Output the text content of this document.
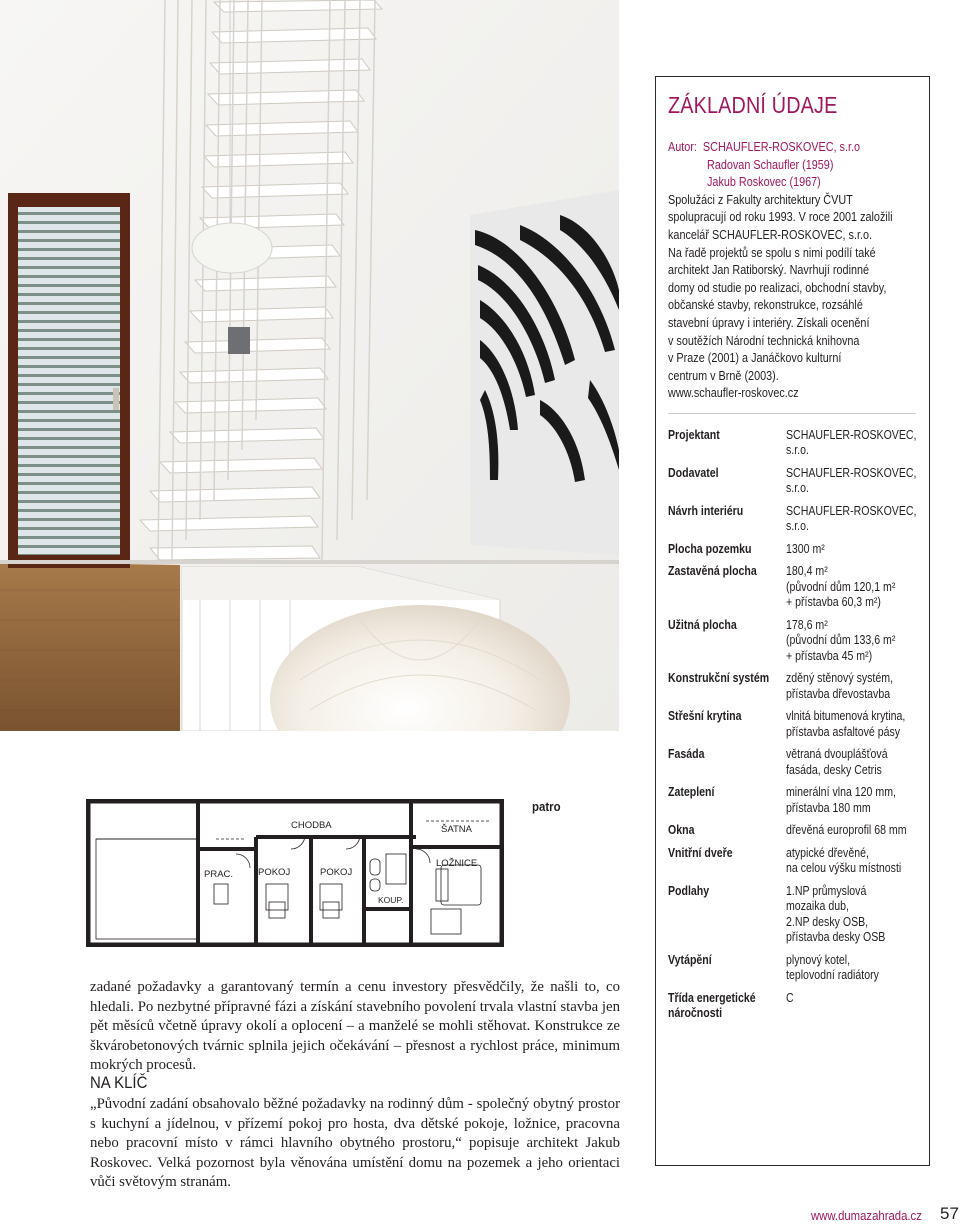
ZÁKLADNÍ ÚDAJE
Autor: SCHAUFLER-ROSKOVEC, s.r.o
Radovan Schaufler (1959)
Jakub Roskovec (1967)
Spolužáci z Fakulty architektury ČVUT
spolupracují od roku 1993. V roce 2001 založili
kancelář SCHAUFLER-ROSKOVEC, s.r.o.
Na řadě projektů se spolu s nimi podílí také
architekt Jan Ratiborský. Navrhují rodinné
domy od studie po realizaci, obchodní stavby,
občanské stavby, rekonstrukce, rozsáhlé
stavební úpravy i interiéry. Získali ocenění
v soutěžích Národní technická knihovna
v Praze (2001) a Janáčkovo kulturní
centrum v Brně (2003).
www.schaufler-roskovec.cz
Projektant	SCHAUFLER-ROSKOVEC,
s.r.o.
Dodavatel	SCHAUFLER-ROSKOVEC,
s.r.o.
Návrh interiéru	SCHAUFLER-ROSKOVEC,
s.r.o.
Plocha pozemku	1300 m²
Zastavěná plocha	180,4 m²
(původní dům 120,1 m²
+ přístavba 60,3 m²)
Užitná plocha	178,6 m²
(původní dům 133,6 m²
+ přístavba 45 m²)
Konstrukční systém zděný stěnový systém,
přístavba dřevostavba
Střešní krytina	vlnitá bitumenová krytina,
přístavba asfaltové pásy
Fasáda	větraná dvouplášťová
fasáda, desky Cetris
Zateplení	minerální vlna 120 mm,
přístavba 180 mm
Okna	dřevěná europrofil 68 mm
Vnitřní dveře	atypické dřevěné,
na celou výšku místnosti
Podlahy	1.NP průmyslová
mozaika dub,
2.NP desky OSB,
přístavba desky OSB
Vytápění	plynový kotel,
teplovodní radiátory
Třída energetické
náročnosti
C
CHODBA	ŠATNA
LOŽNICE
PRAC.	POKOJ	POKOJ
KOUP.
patro

zadané požadavky a garantovaný termín a cenu investory přesvědčily, že našli to, co hledali. Po nezbytné přípravné fázi a získání stavebního povolení trvala vlastní stavba jen pět měsíců včetně úpravy okolí a oplocení – a manželé se mohli stěhovat. Konstrukce ze škvárobetonových tvárnic splnila jejich očekávání – přesnost a rychlost práce, minimum mokrých procesů.

NA KLÍČ

„Původní zadání obsahovalo běžné požadavky na rodinný dům - společný obytný prostor s kuchyní a jídelnou, v přízemí pokoj pro hosta, dva dětské pokoje, ložnice, pracovna nebo pracovní místo v rámci hlavního obytného prostoru,“ popisuje architekt Jakub Roskovec. Velká pozornost byla věnována umístění domu na pozemek a jeho orientaci vůči světovým stranám.

www.dumazahrada.cz 57
